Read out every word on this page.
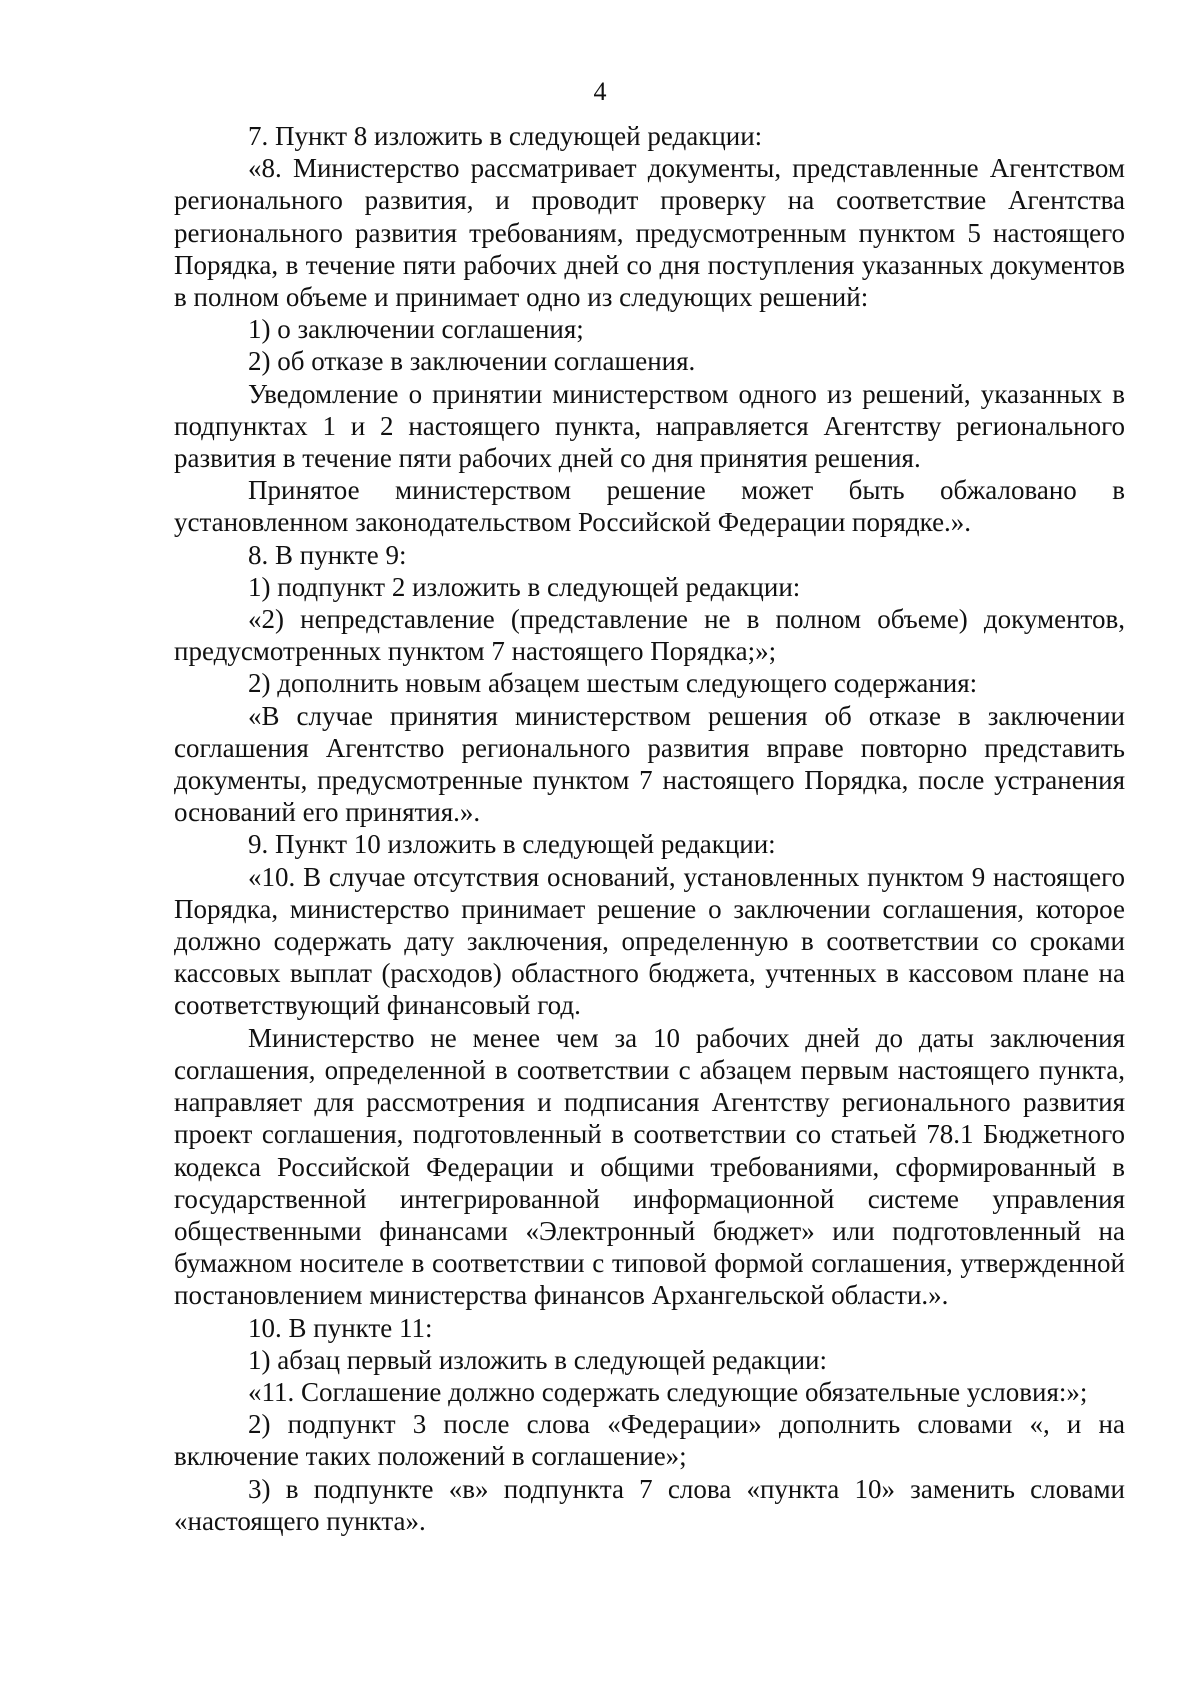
4

7. Пункт 8 изложить в следующей редакции:

«8. Министерство рассматривает документы, представленные Агентством регионального развития, и проводит проверку на соответствие Агентства регионального развития требованиям, предусмотренным пунктом 5 настоящего Порядка, в течение пяти рабочих дней со дня поступления указанных документов в полном объеме и принимает одно из следующих решений:

1) о заключении соглашения;

2) об отказе в заключении соглашения.

Уведомление о принятии министерством одного из решений, указанных в подпунктах 1 и 2 настоящего пункта, направляется Агентству регионального развития в течение пяти рабочих дней со дня принятия решения.

Принятое министерством решение может быть обжаловано в установленном законодательством Российской Федерации порядке.».

8. В пункте 9:

1) подпункт 2 изложить в следующей редакции:

«2) непредставление (представление не в полном объеме) документов, предусмотренных пунктом 7 настоящего Порядка;»;

2) дополнить новым абзацем шестым следующего содержания:

«В случае принятия министерством решения об отказе в заключении соглашения Агентство регионального развития вправе повторно представить документы, предусмотренные пунктом 7 настоящего Порядка, после устранения оснований его принятия.».

9. Пункт 10 изложить в следующей редакции:

«10. В случае отсутствия оснований, установленных пунктом 9 настоящего Порядка, министерство принимает решение о заключении соглашения, которое должно содержать дату заключения, определенную в соответствии со сроками кассовых выплат (расходов) областного бюджета, учтенных в кассовом плане на соответствующий финансовый год.

Министерство не менее чем за 10 рабочих дней до даты заключения соглашения, определенной в соответствии с абзацем первым настоящего пункта, направляет для рассмотрения и подписания Агентству регионального развития проект соглашения, подготовленный в соответствии со статьей 78.1 Бюджетного кодекса Российской Федерации и общими требованиями, сформированный в государственной интегрированной информационной системе управления общественными финансами «Электронный бюджет» или подготовленный на бумажном носителе в соответствии с типовой формой соглашения, утвержденной постановлением министерства финансов Архангельской области.».

10. В пункте 11:

1) абзац первый изложить в следующей редакции:

«11. Соглашение должно содержать следующие обязательные условия:»;

2) подпункт 3 после слова «Федерации» дополнить словами «, и на включение таких положений в соглашение»;

3) в подпункте «в» подпункта 7 слова «пункта 10» заменить словами «настоящего пункта».
